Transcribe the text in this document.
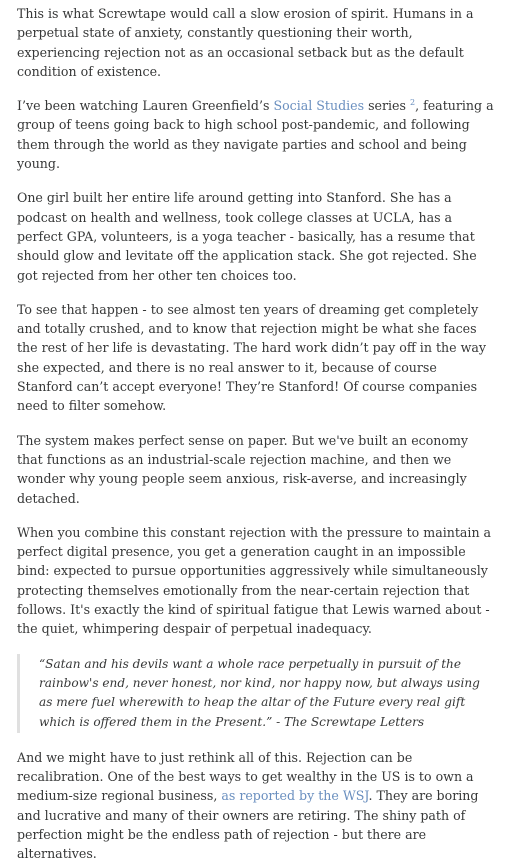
This is what Screwtape would call a slow erosion of spirit. Humans in a perpetual state of anxiety, constantly questioning their worth, experiencing rejection not as an occasional setback but as the default condition of existence.

I’ve been watching Lauren Greenfield’s Social Studies series $^2$, featuring a group of teens going back to high school post-pandemic, and following them through the world as they navigate parties and school and being young.

One girl built her entire life around getting into Stanford. She has a podcast on health and wellness, took college classes at UCLA, has a perfect GPA, volunteers, is a yoga teacher - basically, has a resume that should glow and levitate off the application stack. She got rejected. She got rejected from her other ten choices too.

To see that happen - to see almost ten years of dreaming get completely and totally crushed, and to know that rejection might be what she faces the rest of her life is devastating. The hard work didn’t pay off in the way she expected, and there is no real answer to it, because of course Stanford can’t accept everyone! They’re Stanford! Of course companies need to filter somehow.

The system makes perfect sense on paper. But we've built an economy that functions as an industrial-scale rejection machine, and then we wonder why young people seem anxious, risk-averse, and increasingly detached.

When you combine this constant rejection with the pressure to maintain a perfect digital presence, you get a generation caught in an impossible bind: expected to pursue opportunities aggressively while simultaneously protecting themselves emotionally from the near-certain rejection that follows. It's exactly the kind of spiritual fatigue that Lewis warned about - the quiet, whimpering despair of perpetual inadequacy.

“Satan and his devils want a whole race perpetually in pursuit of the rainbow's end, never honest, nor kind, nor happy now, but always using as mere fuel wherewith to heap the altar of the Future every real gift which is offered them in the Present.” - The Screwtape Letters

And we might have to just rethink all of this. Rejection can be recalibration. One of the best ways to get wealthy in the US is to own a medium-size regional business, as reported by the WSJ. They are boring and lucrative and many of their owners are retiring. The shiny path of perfection might be the endless path of rejection - but there are alternatives.
